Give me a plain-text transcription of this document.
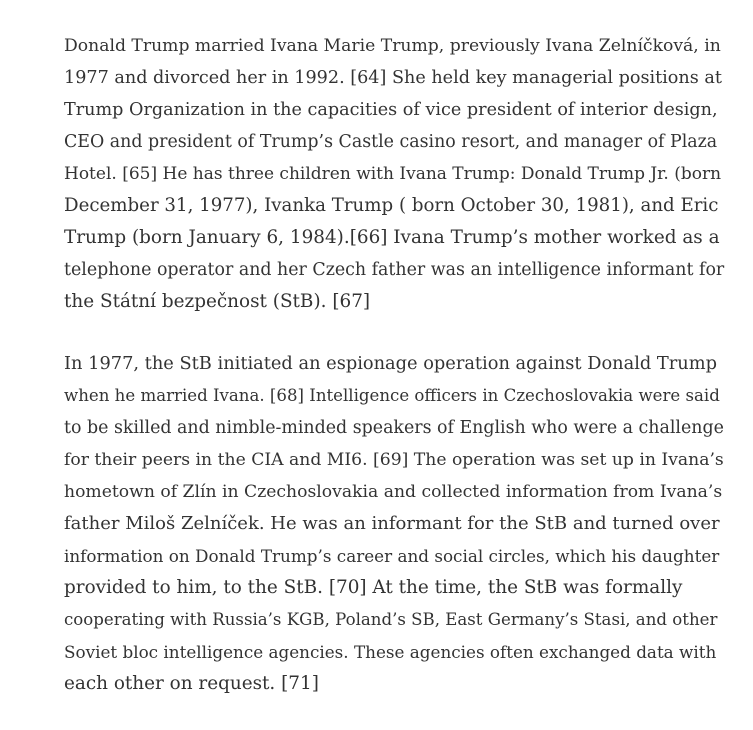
Donald Trump married Ivana Marie Trump, previously Ivana Zelníčková, in
1977 and divorced her in 1992. [64] She held key managerial positions at
Trump Organization in the capacities of vice president of interior design,
CEO and president of Trump’s Castle casino resort, and manager of Plaza
Hotel. [65] He has three children with Ivana Trump: Donald Trump Jr. (born
December 31, 1977), Ivanka Trump ( born October 30, 1981), and Eric
Trump (born January 6, 1984).[66] Ivana Trump’s mother worked as a
telephone operator and her Czech father was an intelligence informant for
the Státní bezpečnost (StB). [67]

In 1977, the StB initiated an espionage operation against Donald Trump
when he married Ivana. [68] Intelligence officers in Czechoslovakia were said
to be skilled and nimble-minded speakers of English who were a challenge
for their peers in the CIA and MI6. [69] The operation was set up in Ivana’s
hometown of Zlín in Czechoslovakia and collected information from Ivana’s
father Miloš Zelníček. He was an informant for the StB and turned over
information on Donald Trump’s career and social circles, which his daughter
provided to him, to the StB. [70] At the time, the StB was formally
cooperating with Russia’s KGB, Poland’s SB, East Germany’s Stasi, and other
Soviet bloc intelligence agencies. These agencies often exchanged data with
each other on request. [71]
